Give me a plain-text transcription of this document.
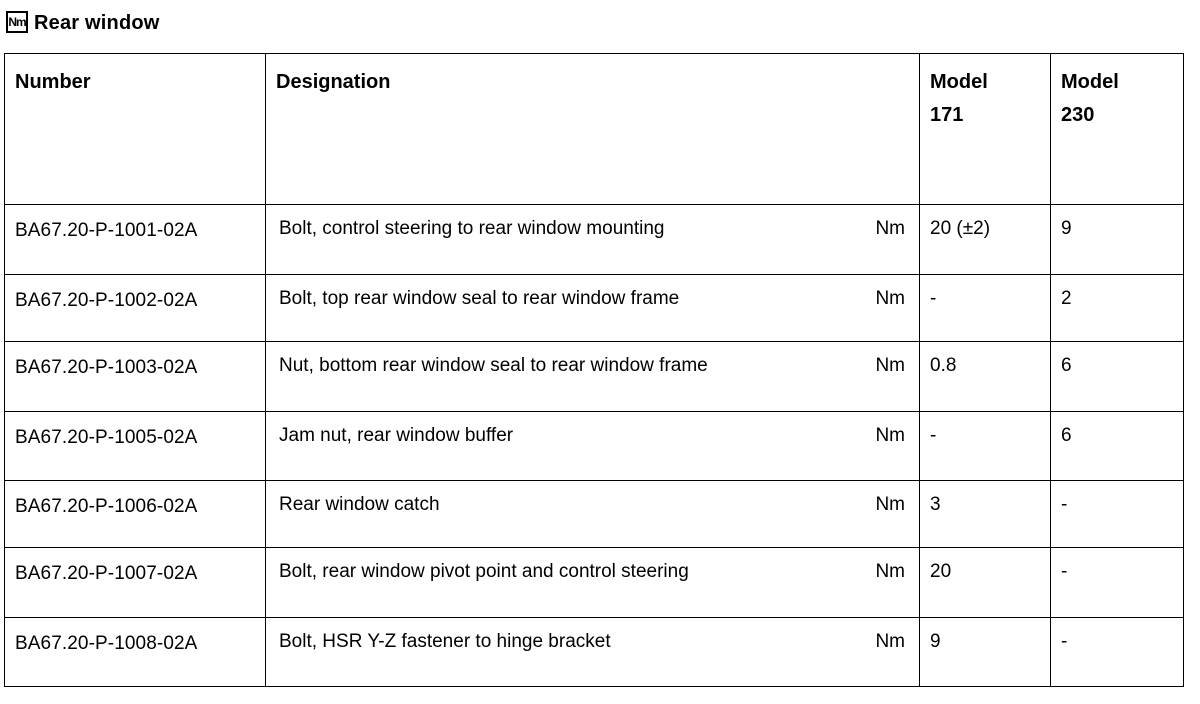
Nm Rear window
Number	Designation	Model 171	Model 230

BA67.20-P-1001-02A	Bolt, control steering to rear window mounting Nm	20 (±2)	9
BA67.20-P-1002-02A	Bolt, top rear window seal to rear window frame Nm	-	2
BA67.20-P-1003-02A	Nut, bottom rear window seal to rear window frame Nm	0.8	6
BA67.20-P-1005-02A	Jam nut, rear window buffer Nm	-	6
BA67.20-P-1006-02A	Rear window catch Nm	3	-
BA67.20-P-1007-02A	Bolt, rear window pivot point and control steering Nm	20	-
BA67.20-P-1008-02A	Bolt, HSR Y-Z fastener to hinge bracket Nm	9	-
